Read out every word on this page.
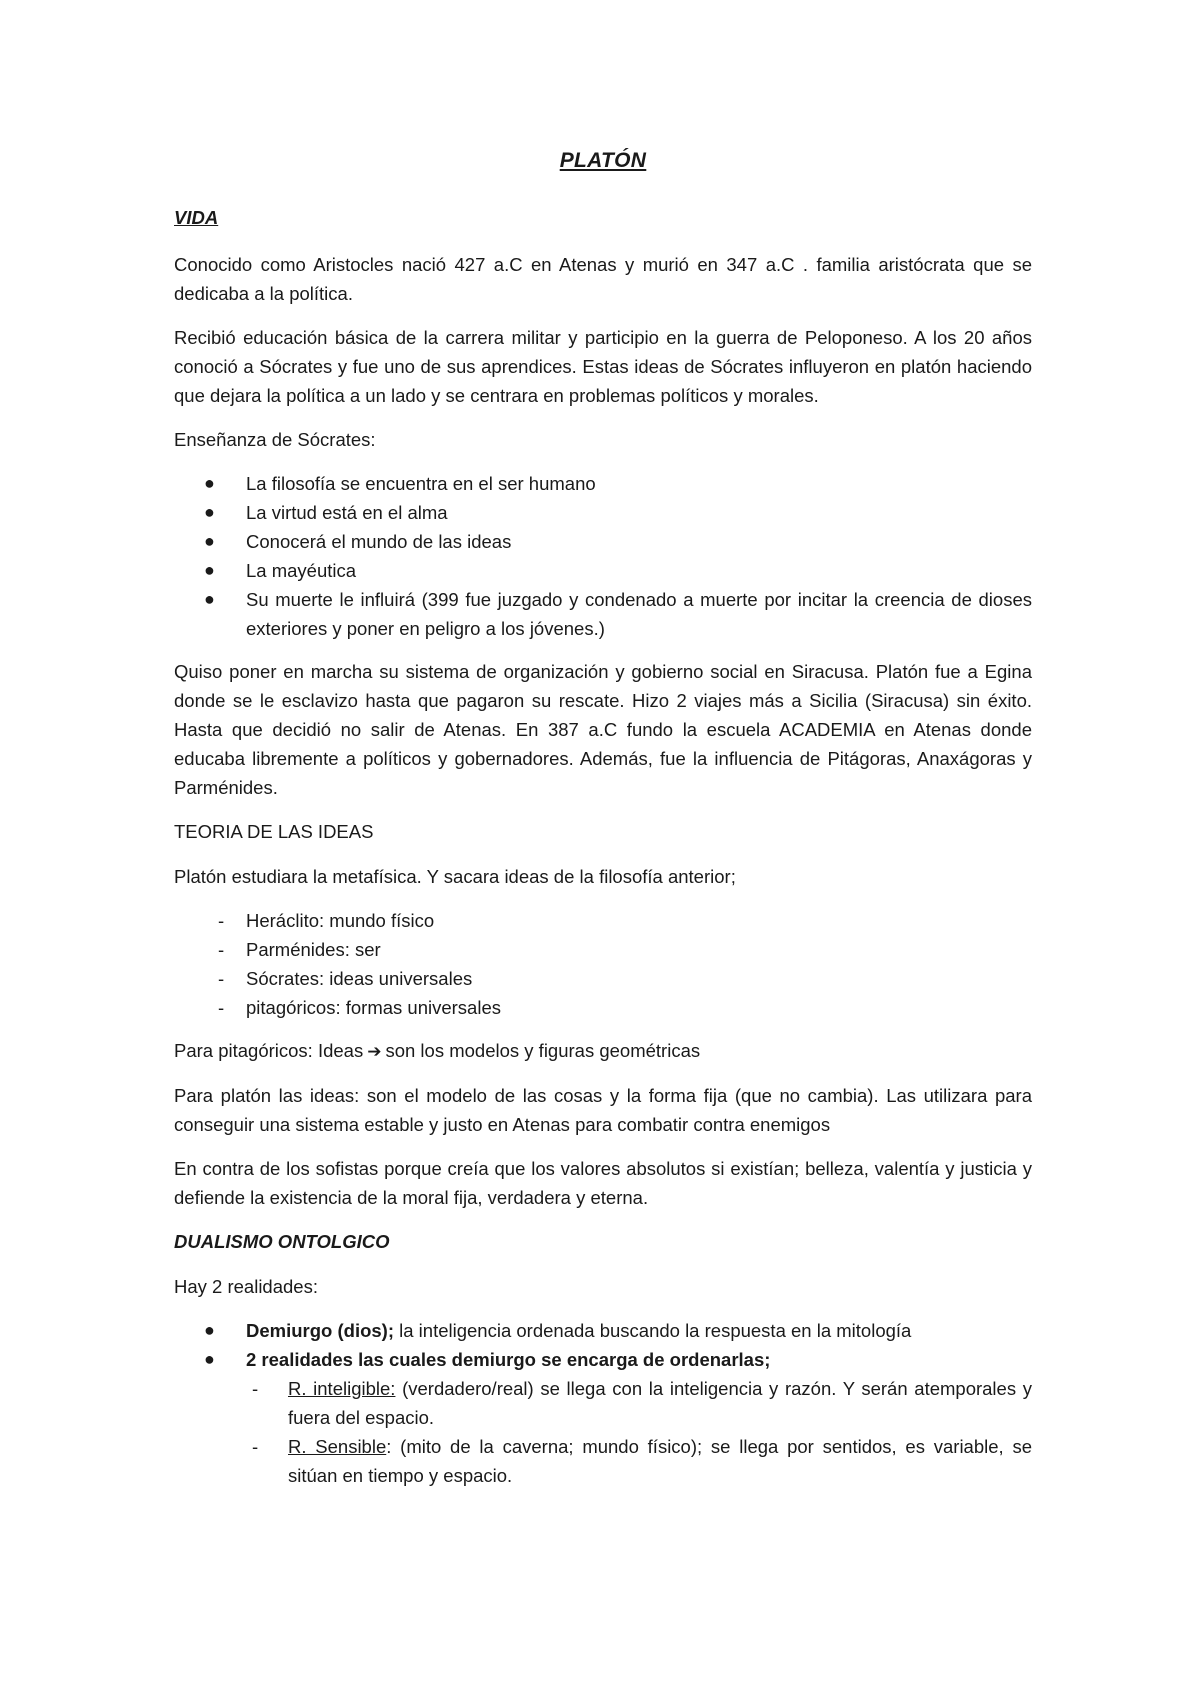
PLATÓN
VIDA

Conocido como Aristocles nació 427 a.C en Atenas y murió en 347 a.C . familia aristócrata que se dedicaba a la política.

Recibió educación básica de la carrera militar y participio en la guerra de Peloponeso. A los 20 años conoció a Sócrates y fue uno de sus aprendices. Estas ideas de Sócrates influyeron en platón haciendo que dejara la política a un lado y se centrara en problemas políticos y morales.

Enseñanza de Sócrates:

● La filosofía se encuentra en el ser humano
● La virtud está en el alma
● Conocerá el mundo de las ideas
● La mayéutica
● Su muerte le influirá (399 fue juzgado y condenado a muerte por incitar la creencia de dioses exteriores y poner en peligro a los jóvenes.)

Quiso poner en marcha su sistema de organización y gobierno social en Siracusa. Platón fue a Egina donde se le esclavizo hasta que pagaron su rescate. Hizo 2 viajes más a Sicilia (Siracusa) sin éxito. Hasta que decidió no salir de Atenas. En 387 a.C fundo la escuela ACADEMIA en Atenas donde educaba libremente a políticos y gobernadores. Además, fue la influencia de Pitágoras, Anaxágoras y Parménides.

TEORIA DE LAS IDEAS

Platón estudiara la metafísica. Y sacara ideas de la filosofía anterior;

- Heráclito: mundo físico
- Parménides: ser
- Sócrates: ideas universales
- pitagóricos: formas universales

Para pitagóricos: Ideas ➔ son los modelos y figuras geométricas

Para platón las ideas: son el modelo de las cosas y la forma fija (que no cambia). Las utilizara para conseguir una sistema estable y justo en Atenas para combatir contra enemigos

En contra de los sofistas porque creía que los valores absolutos si existían; belleza, valentía y justicia y defiende la existencia de la moral fija, verdadera y eterna.

DUALISMO ONTOLGICO

Hay 2 realidades:

● Demiurgo (dios); la inteligencia ordenada buscando la respuesta en la mitología
● 2 realidades las cuales demiurgo se encarga de ordenarlas;
- R. inteligible: (verdadero/real) se llega con la inteligencia y razón. Y serán atemporales y fuera del espacio.
- R. Sensible: (mito de la caverna; mundo físico); se llega por sentidos, es variable, se sitúan en tiempo y espacio.
